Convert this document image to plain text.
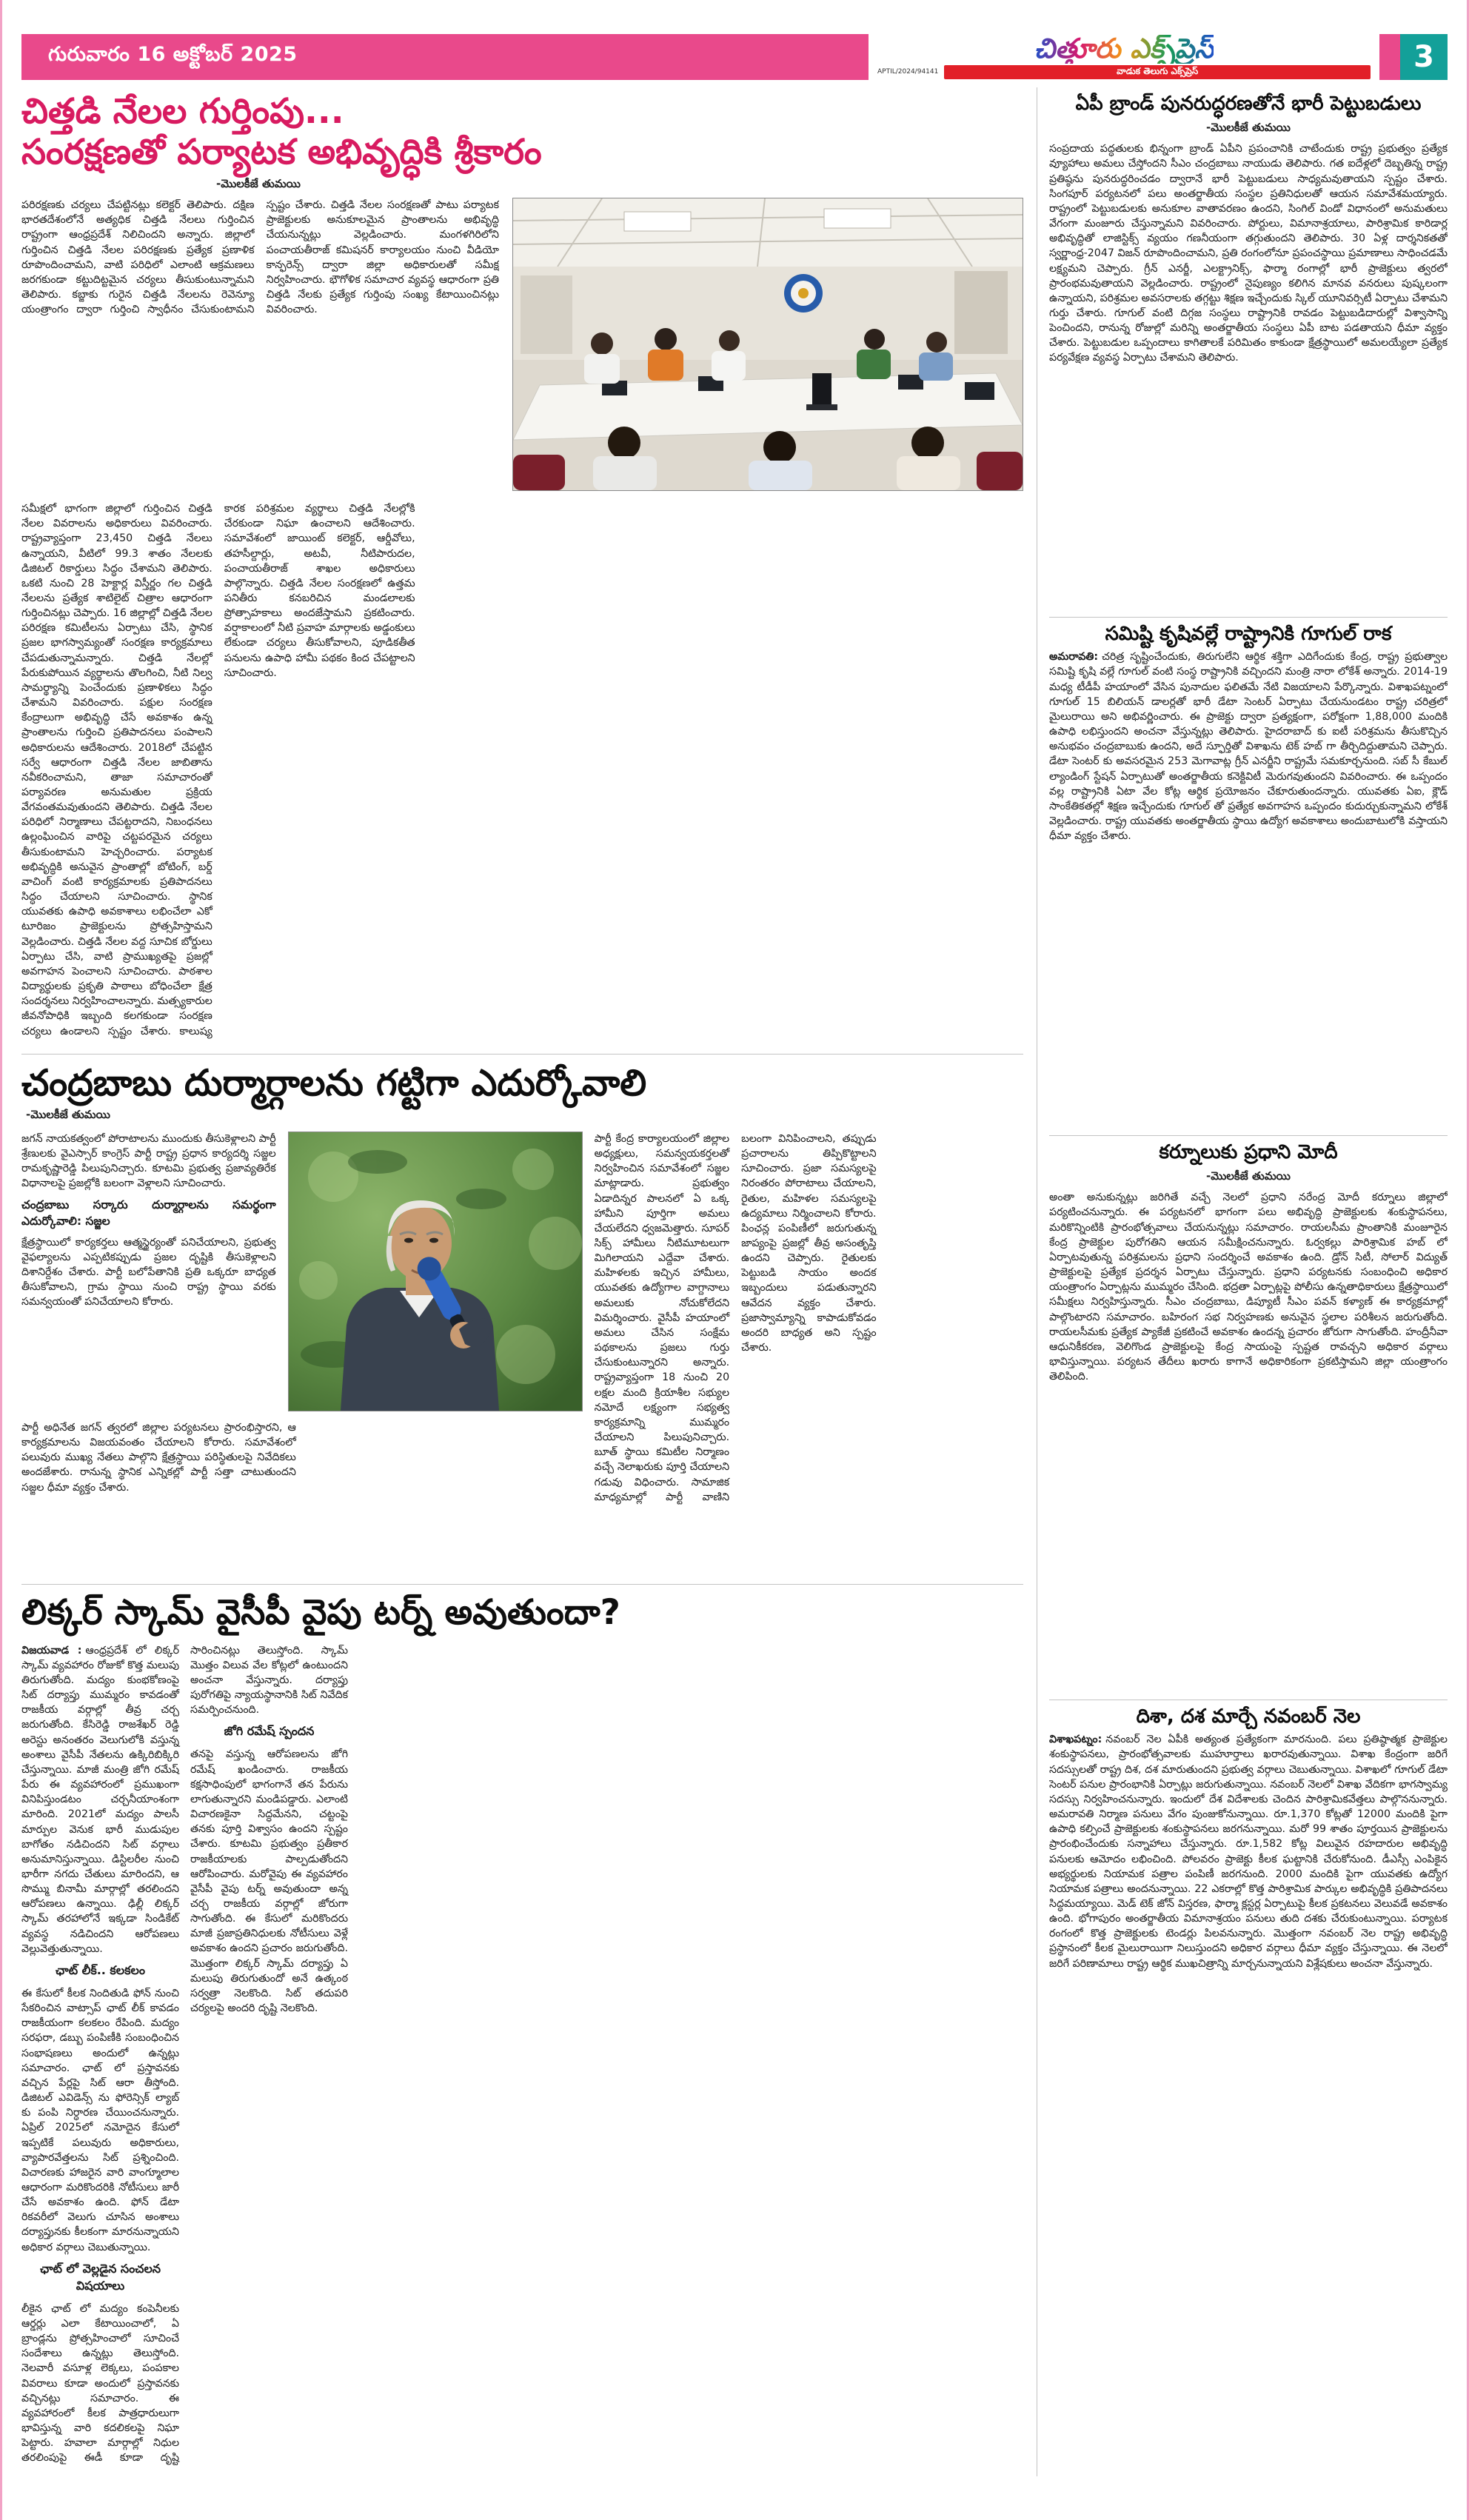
గురువారం 16 అక్టోబర్ 2025	చిత్తూరు ఎక్స్‌ప్రెస్
APTIL/2024/94141	వాడుక తెలుగు ఎక్స్‌ప్రెస్	3
చిత్తడి నేలల గుర్తింపు...
సంరక్షణతో పర్యాటక అభివృద్ధికి శ్రీకారం
-మెులకీజే తుమయి

పరిరక్షణకు చర్యలు చేపట్టినట్లు కలెక్టర్ తెలిపారు. దక్షిణ భారతదేశంలోనే అత్యధిక చిత్తడి నేలలు గుర్తించిన రాష్ట్రంగా ఆంధ్రప్రదేశ్ నిలిచిందని అన్నారు. జిల్లాలో గుర్తించిన చిత్తడి నేలల పరిరక్షణకు ప్రత్యేక ప్రణాళిక రూపొందించామని, వాటి పరిధిలో ఎలాంటి ఆక్రమణలు జరగకుండా కట్టుదిట్టమైన చర్యలు తీసుకుంటున్నామని తెలిపారు. కబ్జాకు గురైన చిత్తడి నేలలను రెవెన్యూ యంత్రాంగం ద్వారా గుర్తించి స్వాధీనం చేసుకుంటామని స్పష్టం చేశారు. చిత్తడి నేలల సంరక్షణతో పాటు పర్యాటక ప్రాజెక్టులకు అనుకూలమైన ప్రాంతాలను అభివృద్ధి చేయనున్నట్లు వెల్లడించారు. మంగళగిరిలోని పంచాయతీరాజ్ కమిషనర్ కార్యాలయం నుంచి వీడియో కాన్ఫరెన్స్ ద్వారా జిల్లా అధికారులతో సమీక్ష నిర్వహించారు. భౌగోళిక సమాచార వ్యవస్థ ఆధారంగా ప్రతి చిత్తడి నేలకు ప్రత్యేక గుర్తింపు సంఖ్య కేటాయించినట్లు వివరించారు.

సమీక్షలో భాగంగా జిల్లాలో గుర్తించిన చిత్తడి నేలల వివరాలను అధికారులు వివరించారు. రాష్ట్రవ్యాప్తంగా 23,450 చిత్తడి నేలలు ఉన్నాయని, వీటిలో 99.3 శాతం నేలలకు డిజిటల్ రికార్డులు సిద్ధం చేశామని తెలిపారు. ఒకటి నుంచి 28 హెక్టార్ల విస్తీర్ణం గల చిత్తడి నేలలను ప్రత్యేక శాటిలైట్ చిత్రాల ఆధారంగా గుర్తించినట్లు చెప్పారు. 16 జిల్లాల్లో చిత్తడి నేలల పరిరక్షణ కమిటీలను ఏర్పాటు చేసి, స్థానిక ప్రజల భాగస్వామ్యంతో సంరక్షణ కార్యక్రమాలు చేపడుతున్నామన్నారు. చిత్తడి నేలల్లో పేరుకుపోయిన వ్యర్థాలను తొలగించి, నీటి నిల్వ సామర్థ్యాన్ని పెంచేందుకు ప్రణాళికలు సిద్ధం చేశామని వివరించారు. పక్షుల సంరక్షణ కేంద్రాలుగా అభివృద్ధి చేసే అవకాశం ఉన్న ప్రాంతాలను గుర్తించి ప్రతిపాదనలు పంపాలని అధికారులను ఆదేశించారు. 2018లో చేపట్టిన సర్వే ఆధారంగా చిత్తడి నేలల జాబితాను నవీకరించామని, తాజా సమాచారంతో పర్యావరణ అనుమతుల ప్రక్రియ వేగవంతమవుతుందని తెలిపారు. చిత్తడి నేలల పరిధిలో నిర్మాణాలు చేపట్టరాదని, నిబంధనలు ఉల్లంఘించిన వారిపై చట్టపరమైన చర్యలు తీసుకుంటామని హెచ్చరించారు. పర్యాటక అభివృద్ధికి అనువైన ప్రాంతాల్లో బోటింగ్, బర్డ్ వాచింగ్ వంటి కార్యక్రమాలకు ప్రతిపాదనలు సిద్ధం చేయాలని సూచించారు. స్థానిక యువతకు ఉపాధి అవకాశాలు లభించేలా ఎకో టూరిజం ప్రాజెక్టులను ప్రోత్సహిస్తామని వెల్లడించారు. చిత్తడి నేలల వద్ద సూచిక బోర్డులు ఏర్పాటు చేసి, వాటి ప్రాముఖ్యతపై ప్రజల్లో అవగాహన పెంచాలని సూచించారు. పాఠశాల విద్యార్థులకు ప్రకృతి పాఠాలు బోధించేలా క్షేత్ర సందర్శనలు నిర్వహించాలన్నారు. మత్స్యకారుల జీవనోపాధికి ఇబ్బంది కలగకుండా సంరక్షణ చర్యలు ఉండాలని స్పష్టం చేశారు. కాలుష్య కారక పరిశ్రమల వ్యర్థాలు చిత్తడి నేలల్లోకి చేరకుండా నిఘా ఉంచాలని ఆదేశించారు. సమావేశంలో జాయింట్ కలెక్టర్, ఆర్డీవోలు, తహసీల్దార్లు, అటవీ, నీటిపారుదల, పంచాయతీరాజ్ శాఖల అధికారులు పాల్గొన్నారు. చిత్తడి నేలల సంరక్షణలో ఉత్తమ పనితీరు కనబరిచిన మండలాలకు ప్రోత్సాహకాలు అందజేస్తామని ప్రకటించారు. వర్షాకాలంలో నీటి ప్రవాహ మార్గాలకు అడ్డంకులు లేకుండా చర్యలు తీసుకోవాలని, పూడికతీత పనులను ఉపాధి హామీ పథకం కింద చేపట్టాలని సూచించారు.

చంద్రబాబు దుర్మార్గాలను గట్టిగా ఎదుర్కోవాలి
-మెులకీజే తుమయి

జగన్ నాయకత్వంలో పోరాటాలను ముందుకు తీసుకెళ్లాలని పార్టీ శ్రేణులకు వైఎస్సార్ కాంగ్రెస్ పార్టీ రాష్ట్ర ప్రధాన కార్యదర్శి సజ్జల రామకృష్ణారెడ్డి పిలుపునిచ్చారు. కూటమి ప్రభుత్వ ప్రజావ్యతిరేక విధానాలపై ప్రజల్లోకి బలంగా వెళ్లాలని సూచించారు.

చంద్రబాబు సర్కారు దుర్మార్గాలను సమర్థంగా ఎదుర్కోవాలి: సజ్జల

క్షేత్రస్థాయిలో కార్యకర్తలు ఆత్మస్థైర్యంతో పనిచేయాలని, ప్రభుత్వ వైఫల్యాలను ఎప్పటికప్పుడు ప్రజల దృష్టికి తీసుకెళ్లాలని దిశానిర్దేశం చేశారు. పార్టీ బలోపేతానికి ప్రతి ఒక్కరూ బాధ్యత తీసుకోవాలని, గ్రామ స్థాయి నుంచి రాష్ట్ర స్థాయి వరకు సమన్వయంతో పనిచేయాలని కోరారు.

పార్టీ అధినేత జగన్ త్వరలో జిల్లాల పర్యటనలు ప్రారంభిస్తారని, ఆ కార్యక్రమాలను విజయవంతం చేయాలని కోరారు. సమావేశంలో పలువురు ముఖ్య నేతలు పాల్గొని క్షేత్రస్థాయి పరిస్థితులపై నివేదికలు అందజేశారు. రానున్న స్థానిక ఎన్నికల్లో పార్టీ సత్తా చాటుతుందని సజ్జల ధీమా వ్యక్తం చేశారు.

పార్టీ కేంద్ర కార్యాలయంలో జిల్లాల అధ్యక్షులు, సమన్వయకర్తలతో నిర్వహించిన సమావేశంలో సజ్జల మాట్లాడారు. ప్రభుత్వం ఏడాదిన్నర పాలనలో ఏ ఒక్క హామీని పూర్తిగా అమలు చేయలేదని ధ్వజమెత్తారు. సూపర్ సిక్స్ హామీలు నీటిమూటలుగా మిగిలాయని ఎద్దేవా చేశారు. మహిళలకు ఇచ్చిన హామీలు, యువతకు ఉద్యోగాల వాగ్దానాలు అమలుకు నోచుకోలేదని విమర్శించారు. వైసీపీ హయాంలో అమలు చేసిన సంక్షేమ పథకాలను ప్రజలు గుర్తు చేసుకుంటున్నారని అన్నారు. రాష్ట్రవ్యాప్తంగా 18 నుంచి 20 లక్షల మంది క్రియాశీల సభ్యుల నమోదే లక్ష్యంగా సభ్యత్వ కార్యక్రమాన్ని ముమ్మరం చేయాలని పిలుపునిచ్చారు. బూత్ స్థాయి కమిటీల నిర్మాణం వచ్చే నెలాఖరుకు పూర్తి చేయాలని గడువు విధించారు. సామాజిక మాధ్యమాల్లో పార్టీ వాణిని బలంగా వినిపించాలని, తప్పుడు ప్రచారాలను తిప్పికొట్టాలని సూచించారు. ప్రజా సమస్యలపై నిరంతరం పోరాటాలు చేయాలని, రైతుల, మహిళల సమస్యలపై ఉద్యమాలు నిర్మించాలని కోరారు. పింఛన్ల పంపిణీలో జరుగుతున్న జాప్యంపై ప్రజల్లో తీవ్ర అసంతృప్తి ఉందని చెప్పారు. రైతులకు పెట్టుబడి సాయం అందక ఇబ్బందులు పడుతున్నారని ఆవేదన వ్యక్తం చేశారు. ప్రజాస్వామ్యాన్ని కాపాడుకోవడం అందరి బాధ్యత అని స్పష్టం చేశారు.

లిక్కర్ స్కామ్ వైసీపీ వైపు టర్న్ అవుతుందా?

విజయవాడ : ఆంధ్రప్రదేశ్ లో లిక్కర్ స్కామ్ వ్యవహారం రోజుకో కొత్త మలుపు తిరుగుతోంది. మద్యం కుంభకోణంపై సిట్ దర్యాప్తు ముమ్మరం కావడంతో రాజకీయ వర్గాల్లో తీవ్ర చర్చ జరుగుతోంది. కేసిరెడ్డి రాజశేఖర్ రెడ్డి అరెస్టు అనంతరం వెలుగులోకి వస్తున్న అంశాలు వైసీపీ నేతలను ఉక్కిరిబిక్కిరి చేస్తున్నాయి. మాజీ మంత్రి జోగి రమేష్ పేరు ఈ వ్యవహారంలో ప్రముఖంగా వినిపిస్తుండటం చర్చనీయాంశంగా మారింది. 2021లో మద్యం పాలసీ మార్పుల వెనుక భారీ ముడుపుల బాగోతం నడిచిందని సిట్ వర్గాలు అనుమానిస్తున్నాయి. డిస్టిలరీల నుంచి భారీగా నగదు చేతులు మారిందని, ఆ సొమ్ము బినామీ మార్గాల్లో తరలిందని ఆరోపణలు ఉన్నాయి. ఢిల్లీ లిక్కర్ స్కామ్ తరహాలోనే ఇక్కడా సిండికేట్ వ్యవస్థ నడిచిందని ఆరోపణలు వెల్లువెత్తుతున్నాయి.

ఛాట్ లీక్.. కలకలం

ఈ కేసులో కీలక నిందితుడి ఫోన్ నుంచి సేకరించిన వాట్సాప్ ఛాట్ లీక్ కావడం రాజకీయంగా కలకలం రేపింది. మద్యం సరఫరా, డబ్బు పంపిణీకి సంబంధించిన సంభాషణలు అందులో ఉన్నట్లు సమాచారం. ఛాట్ లో ప్రస్తావనకు వచ్చిన పేర్లపై సిట్ ఆరా తీస్తోంది. డిజిటల్ ఎవిడెన్స్ ను ఫోరెన్సిక్ ల్యాబ్ కు పంపి నిర్ధారణ చేయించనున్నారు. ఏప్రిల్ 2025లో నమోదైన కేసులో ఇప్పటికే పలువురు అధికారులు, వ్యాపారవేత్తలను సిట్ ప్రశ్నించింది. విచారణకు హాజరైన వారి వాంగ్మూలాల ఆధారంగా మరికొందరికి నోటీసులు జారీ చేసే అవకాశం ఉంది. ఫోన్ డేటా రికవరీలో వెలుగు చూసిన అంశాలు దర్యాప్తునకు కీలకంగా మారనున్నాయని అధికార వర్గాలు చెబుతున్నాయి.

ఛాట్ లో వెల్లడైన సంచలన విషయాలు

లీకైన ఛాట్ లో మద్యం కంపెనీలకు ఆర్డర్లు ఎలా కేటాయించాలో, ఏ బ్రాండ్లను ప్రోత్సహించాలో సూచించే సందేశాలు ఉన్నట్లు తెలుస్తోంది. నెలవారీ వసూళ్ల లెక్కలు, పంపకాల వివరాలు కూడా అందులో ప్రస్తావనకు వచ్చినట్లు సమాచారం. ఈ వ్యవహారంలో కీలక పాత్రధారులుగా భావిస్తున్న వారి కదలికలపై నిఘా పెట్టారు. హవాలా మార్గాల్లో నిధుల తరలింపుపై ఈడీ కూడా దృష్టి సారించినట్లు తెలుస్తోంది. స్కామ్ మొత్తం విలువ వేల కోట్లలో ఉంటుందని అంచనా వేస్తున్నారు. దర్యాప్తు పురోగతిపై న్యాయస్థానానికి సిట్ నివేదిక సమర్పించనుంది.

జోగి రమేష్ స్పందన

తనపై వస్తున్న ఆరోపణలను జోగి రమేష్ ఖండించారు. రాజకీయ కక్షసాధింపులో భాగంగానే తన పేరును లాగుతున్నారని మండిపడ్డారు. ఎలాంటి విచారణకైనా సిద్ధమేనని, చట్టంపై తనకు పూర్తి విశ్వాసం ఉందని స్పష్టం చేశారు. కూటమి ప్రభుత్వం ప్రతీకార రాజకీయాలకు పాల్పడుతోందని ఆరోపించారు. మరోవైపు ఈ వ్యవహారం వైసీపీ వైపు టర్న్ అవుతుందా అన్న చర్చ రాజకీయ వర్గాల్లో జోరుగా సాగుతోంది. ఈ కేసులో మరికొందరు మాజీ ప్రజాప్రతినిధులకు నోటీసులు వెళ్లే అవకాశం ఉందని ప్రచారం జరుగుతోంది. మొత్తంగా లిక్కర్ స్కామ్ దర్యాప్తు ఏ మలుపు తిరుగుతుందో అనే ఉత్కంఠ సర్వత్రా నెలకొంది. సిట్ తదుపరి చర్యలపై అందరి దృష్టి నెలకొంది.

ఏపీ బ్రాండ్ పునరుద్ధరణతోనే భారీ పెట్టుబడులు
-మెులకీజే తుమయి

సంప్రదాయ పద్ధతులకు భిన్నంగా బ్రాండ్ ఏపీని ప్రపంచానికి చాటేందుకు రాష్ట్ర ప్రభుత్వం ప్రత్యేక వ్యూహాలు అమలు చేస్తోందని సీఎం చంద్రబాబు నాయుడు తెలిపారు. గత ఐదేళ్లలో దెబ్బతిన్న రాష్ట్ర ప్రతిష్ఠను పునరుద్ధరించడం ద్వారానే భారీ పెట్టుబడులు సాధ్యమవుతాయని స్పష్టం చేశారు. సింగపూర్ పర్యటనలో పలు అంతర్జాతీయ సంస్థల ప్రతినిధులతో ఆయన సమావేశమయ్యారు. రాష్ట్రంలో పెట్టుబడులకు అనుకూల వాతావరణం ఉందని, సింగిల్ విండో విధానంలో అనుమతులు వేగంగా మంజూరు చేస్తున్నామని వివరించారు. పోర్టులు, విమానాశ్రయాలు, పారిశ్రామిక కారిడార్ల అభివృద్ధితో లాజిస్టిక్స్ వ్యయం గణనీయంగా తగ్గుతుందని తెలిపారు. 30 ఏళ్ల దార్శనికతతో స్వర్ణాంధ్ర-2047 విజన్ రూపొందించామని, ప్రతి రంగంలోనూ ప్రపంచస్థాయి ప్రమాణాలు సాధించడమే లక్ష్యమని చెప్పారు. గ్రీన్ ఎనర్జీ, ఎలక్ట్రానిక్స్, ఫార్మా రంగాల్లో భారీ ప్రాజెక్టులు త్వరలో ప్రారంభమవుతాయని వెల్లడించారు. రాష్ట్రంలో నైపుణ్యం కలిగిన మానవ వనరులు పుష్కలంగా ఉన్నాయని, పరిశ్రమల అవసరాలకు తగ్గట్టు శిక్షణ ఇచ్చేందుకు స్కిల్ యూనివర్సిటీ ఏర్పాటు చేశామని గుర్తు చేశారు. గూగుల్ వంటి దిగ్గజ సంస్థలు రాష్ట్రానికి రావడం పెట్టుబడిదారుల్లో విశ్వాసాన్ని పెంచిందని, రానున్న రోజుల్లో మరిన్ని అంతర్జాతీయ సంస్థలు ఏపీ బాట పడతాయని ధీమా వ్యక్తం చేశారు. పెట్టుబడుల ఒప్పందాలు కాగితాలకే పరిమితం కాకుండా క్షేత్రస్థాయిలో అమలయ్యేలా ప్రత్యేక పర్యవేక్షణ వ్యవస్థ ఏర్పాటు చేశామని తెలిపారు.

సమిష్టి కృషివల్లే రాష్ట్రానికి గూగుల్ రాక

అమరావతి: చరిత్ర సృష్టించేందుకు, తిరుగులేని ఆర్థిక శక్తిగా ఎదిగేందుకు కేంద్ర, రాష్ట్ర ప్రభుత్వాల సమిష్టి కృషి వల్లే గూగుల్ వంటి సంస్థ రాష్ట్రానికి వచ్చిందని మంత్రి నారా లోకేశ్ అన్నారు. 2014-19 మధ్య టీడీపీ హయాంలో వేసిన పునాదుల ఫలితమే నేటి విజయాలని పేర్కొన్నారు. విశాఖపట్నంలో గూగుల్ 15 బిలియన్ డాలర్లతో భారీ డేటా సెంటర్ ఏర్పాటు చేయనుండటం రాష్ట్ర చరిత్రలో మైలురాయి అని అభివర్ణించారు. ఈ ప్రాజెక్టు ద్వారా ప్రత్యక్షంగా, పరోక్షంగా 1,88,000 మందికి ఉపాధి లభిస్తుందని అంచనా వేస్తున్నట్లు తెలిపారు. హైదరాబాద్ కు ఐటీ పరిశ్రమను తీసుకొచ్చిన అనుభవం చంద్రబాబుకు ఉందని, అదే స్ఫూర్తితో విశాఖను టెక్ హబ్ గా తీర్చిదిద్దుతామని చెప్పారు. డేటా సెంటర్ కు అవసరమైన 253 మెగావాట్ల గ్రీన్ ఎనర్జీని రాష్ట్రమే సమకూర్చనుంది. సబ్ సీ కేబుల్ ల్యాండింగ్ స్టేషన్ ఏర్పాటుతో అంతర్జాతీయ కనెక్టివిటీ మెరుగవుతుందని వివరించారు. ఈ ఒప్పందం వల్ల రాష్ట్రానికి ఏటా వేల కోట్ల ఆర్థిక ప్రయోజనం చేకూరుతుందన్నారు. యువతకు ఏఐ, క్లౌడ్ సాంకేతికతల్లో శిక్షణ ఇచ్చేందుకు గూగుల్ తో ప్రత్యేక అవగాహన ఒప్పందం కుదుర్చుకున్నామని లోకేశ్ వెల్లడించారు. రాష్ట్ర యువతకు అంతర్జాతీయ స్థాయి ఉద్యోగ అవకాశాలు అందుబాటులోకి వస్తాయని ధీమా వ్యక్తం చేశారు.

కర్నూలుకు ప్రధాని మోదీ
-మెులకీజే తుమయి

అంతా అనుకున్నట్లు జరిగితే వచ్చే నెలలో ప్రధాని నరేంద్ర మోదీ కర్నూలు జిల్లాలో పర్యటించనున్నారు. ఈ పర్యటనలో భాగంగా పలు అభివృద్ధి ప్రాజెక్టులకు శంకుస్థాపనలు, మరికొన్నింటికి ప్రారంభోత్సవాలు చేయనున్నట్లు సమాచారం. రాయలసీమ ప్రాంతానికి మంజూరైన కేంద్ర ప్రాజెక్టుల పురోగతిని ఆయన సమీక్షించనున్నారు. ఓర్వకల్లు పారిశ్రామిక హబ్ లో ఏర్పాటవుతున్న పరిశ్రమలను ప్రధాని సందర్శించే అవకాశం ఉంది. డ్రోన్ సిటీ, సోలార్ విద్యుత్ ప్రాజెక్టులపై ప్రత్యేక ప్రదర్శన ఏర్పాటు చేస్తున్నారు. ప్రధాని పర్యటనకు సంబంధించి అధికార యంత్రాంగం ఏర్పాట్లను ముమ్మరం చేసింది. భద్రతా ఏర్పాట్లపై పోలీసు ఉన్నతాధికారులు క్షేత్రస్థాయిలో సమీక్షలు నిర్వహిస్తున్నారు. సీఎం చంద్రబాబు, డిప్యూటీ సీఎం పవన్ కళ్యాణ్ ఈ కార్యక్రమాల్లో పాల్గొంటారని సమాచారం. బహిరంగ సభ నిర్వహణకు అనువైన స్థలాల పరిశీలన జరుగుతోంది. రాయలసీమకు ప్రత్యేక ప్యాకేజీ ప్రకటించే అవకాశం ఉందన్న ప్రచారం జోరుగా సాగుతోంది. హంద్రీనీవా ఆధునికీకరణ, వెలిగొండ ప్రాజెక్టులపై కేంద్ర సాయంపై స్పష్టత రావచ్చని అధికార వర్గాలు భావిస్తున్నాయి. పర్యటన తేదీలు ఖరారు కాగానే అధికారికంగా ప్రకటిస్తామని జిల్లా యంత్రాంగం తెలిపింది.

దిశా, దశ మార్చే నవంబర్ నెల

విశాఖపట్నం: నవంబర్ నెల ఏపీకి అత్యంత ప్రత్యేకంగా మారనుంది. పలు ప్రతిష్ఠాత్మక ప్రాజెక్టుల శంకుస్థాపనలు, ప్రారంభోత్సవాలకు ముహూర్తాలు ఖరారవుతున్నాయి. విశాఖ కేంద్రంగా జరిగే సదస్సులతో రాష్ట్ర దిశ, దశ మారుతుందని ప్రభుత్వ వర్గాలు చెబుతున్నాయి. విశాఖలో గూగుల్ డేటా సెంటర్ పనుల ప్రారంభానికి ఏర్పాట్లు జరుగుతున్నాయి. నవంబర్ నెలలో విశాఖ వేదికగా భాగస్వామ్య సదస్సు నిర్వహించనున్నారు. ఇందులో దేశ విదేశాలకు చెందిన పారిశ్రామికవేత్తలు పాల్గొననున్నారు. అమరావతి నిర్మాణ పనులు వేగం పుంజుకోనున్నాయి. రూ.1,370 కోట్లతో 12000 మందికి పైగా ఉపాధి కల్పించే ప్రాజెక్టులకు శంకుస్థాపనలు జరగనున్నాయి. మరో 99 శాతం పూర్తయిన ప్రాజెక్టులను ప్రారంభించేందుకు సన్నాహాలు చేస్తున్నారు. రూ.1,582 కోట్ల విలువైన రహదారుల అభివృద్ధి పనులకు ఆమోదం లభించింది. పోలవరం ప్రాజెక్టు కీలక ఘట్టానికి చేరుకోనుంది. డీఎస్సీ ఎంపికైన అభ్యర్థులకు నియామక పత్రాల పంపిణీ జరగనుంది. 2000 మందికి పైగా యువతకు ఉద్యోగ నియామక పత్రాలు అందనున్నాయి. 22 ఎకరాల్లో కొత్త పారిశ్రామిక పార్కుల అభివృద్ధికి ప్రతిపాదనలు సిద్ధమయ్యాయి. మెడ్ టెక్ జోన్ విస్తరణ, ఫార్మా క్లస్టర్ల ఏర్పాటుపై కీలక ప్రకటనలు వెలువడే అవకాశం ఉంది. భోగాపురం అంతర్జాతీయ విమానాశ్రయం పనులు తుది దశకు చేరుకుంటున్నాయి. పర్యాటక రంగంలో కొత్త ప్రాజెక్టులకు టెండర్లు పిలవనున్నారు. మొత్తంగా నవంబర్ నెల రాష్ట్ర అభివృద్ధి ప్రస్థానంలో కీలక మైలురాయిగా నిలుస్తుందని అధికార వర్గాలు ధీమా వ్యక్తం చేస్తున్నాయి. ఈ నెలలో జరిగే పరిణామాలు రాష్ట్ర ఆర్థిక ముఖచిత్రాన్ని మార్చనున్నాయని విశ్లేషకులు అంచనా వేస్తున్నారు.
